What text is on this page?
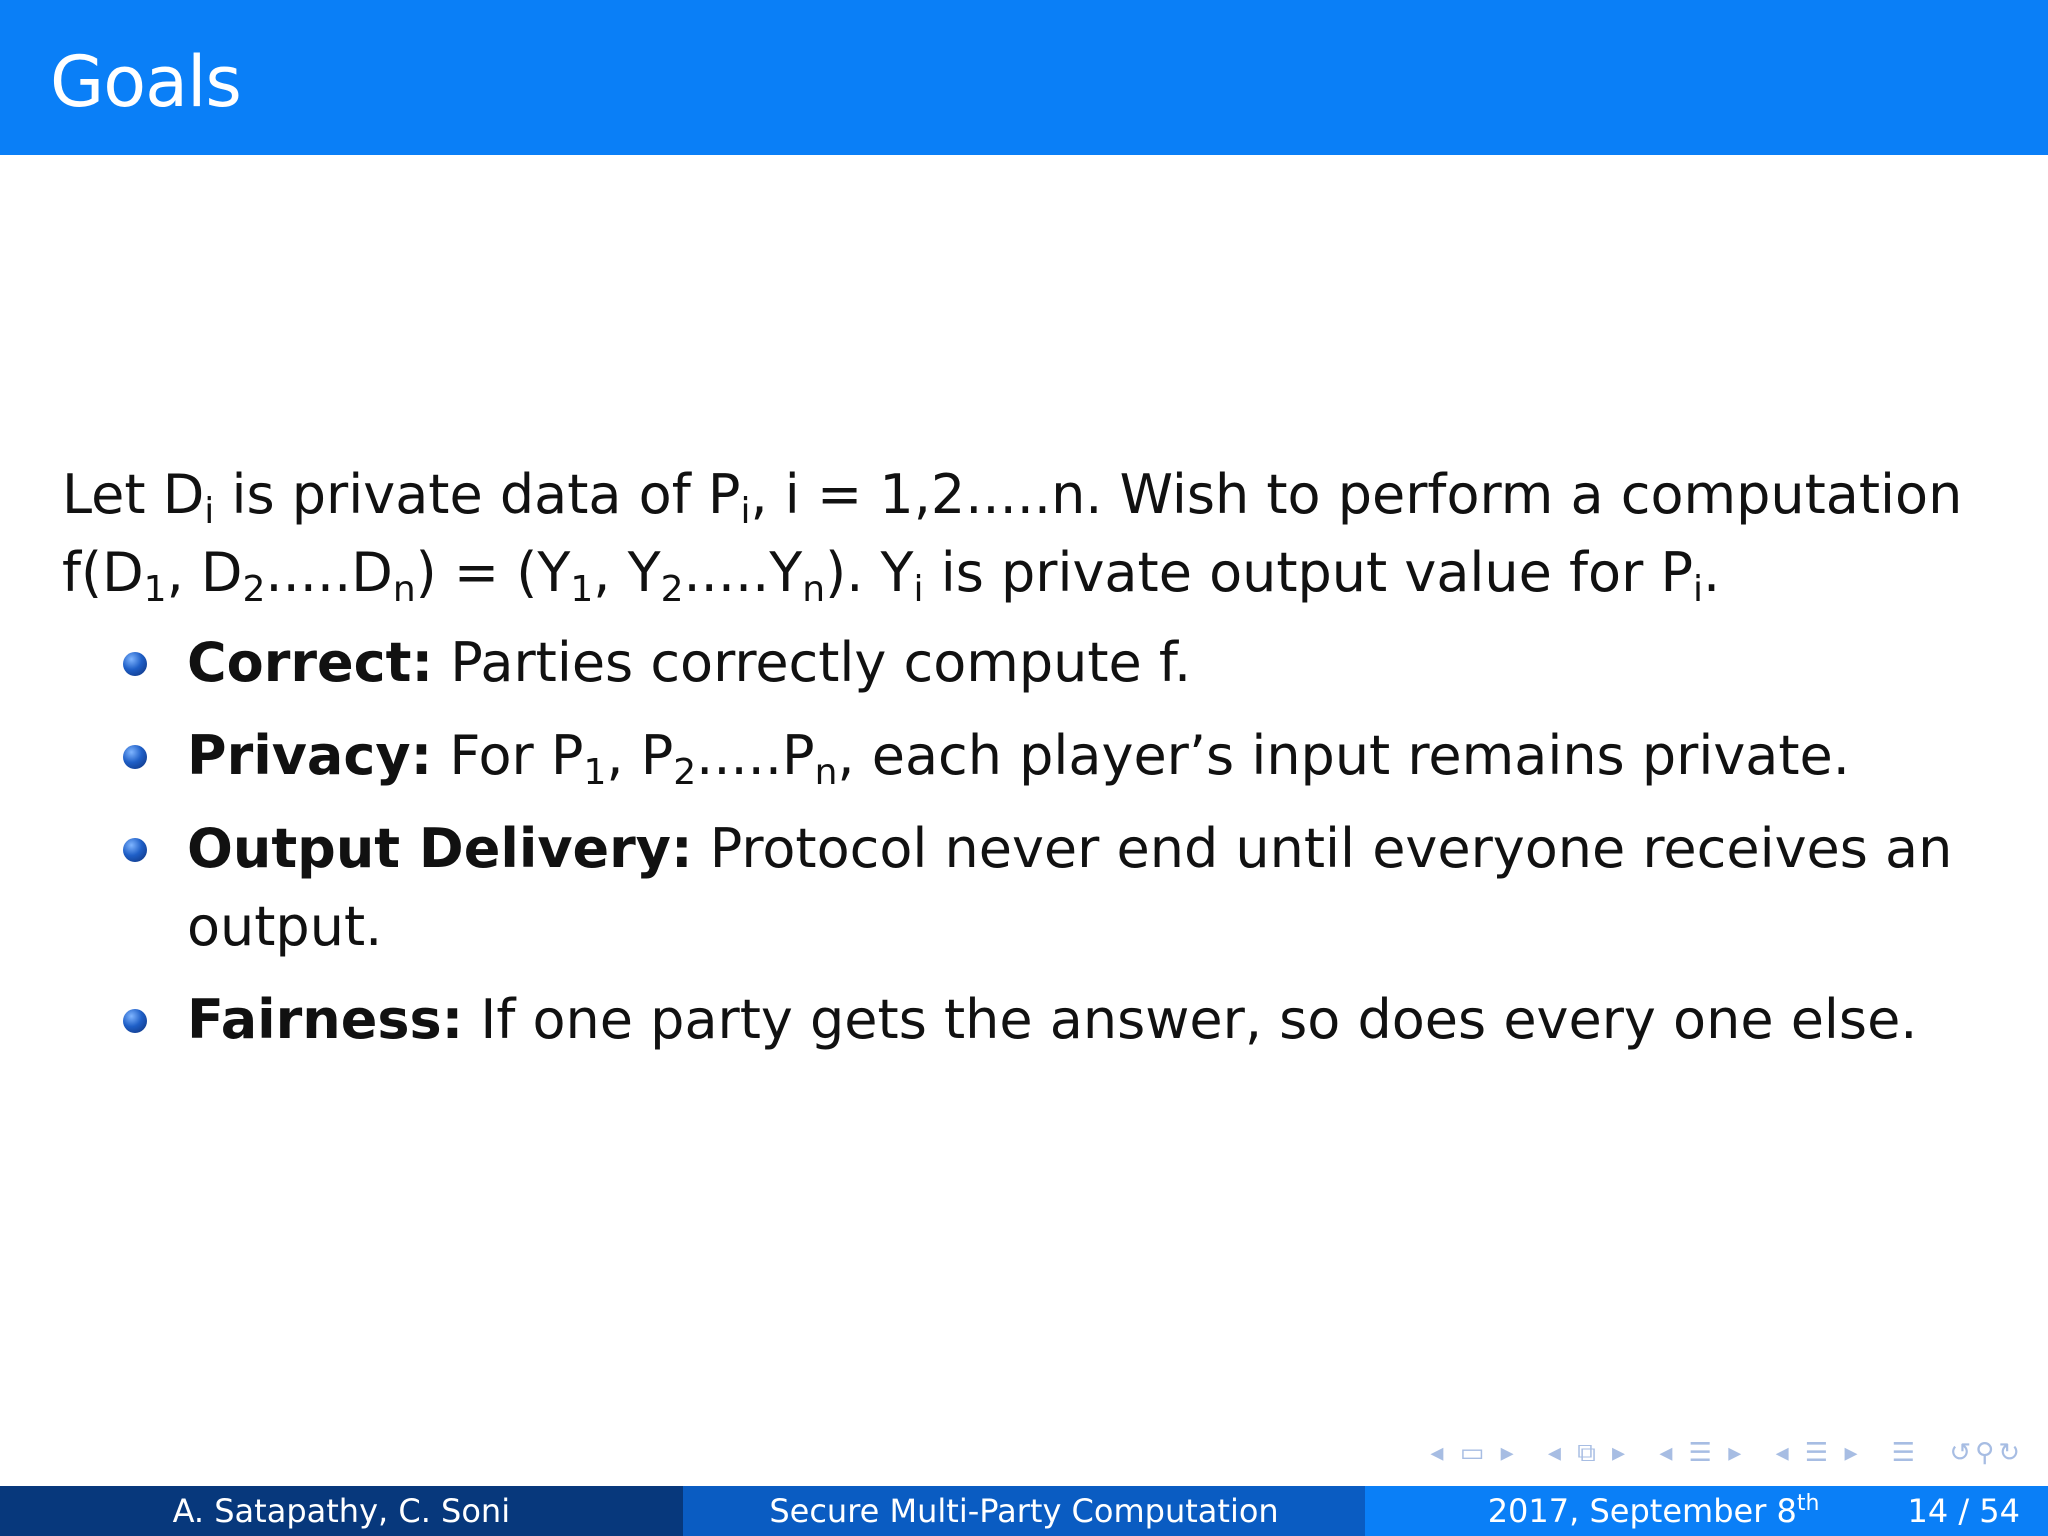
Goals
Let $D_i$ is private data of $P_i$, i = 1,2.....n. Wish to perform a computation
$f(D_1$, $D_2.....D_n) = (Y_1$, $Y_2.....Y_n$). $Y_i$ is private output value for $P_i$.
Correct: Parties correctly compute f.
Privacy: For $P_1$, $P_2.....P_n$, each player’s input remains private.
Output Delivery: Protocol never end until everyone receives an output.
Fairness: If one party gets the answer, so does every one else.
◂ ▭ ▸ ◂ ⧉ ▸ ◂ ☰ ▸ ◂ ☰ ▸ ☰ ↺⚲↻
A. Satapathy, C. Soni	Secure Multi-Party Computation	2017, September 8th	14 / 54
